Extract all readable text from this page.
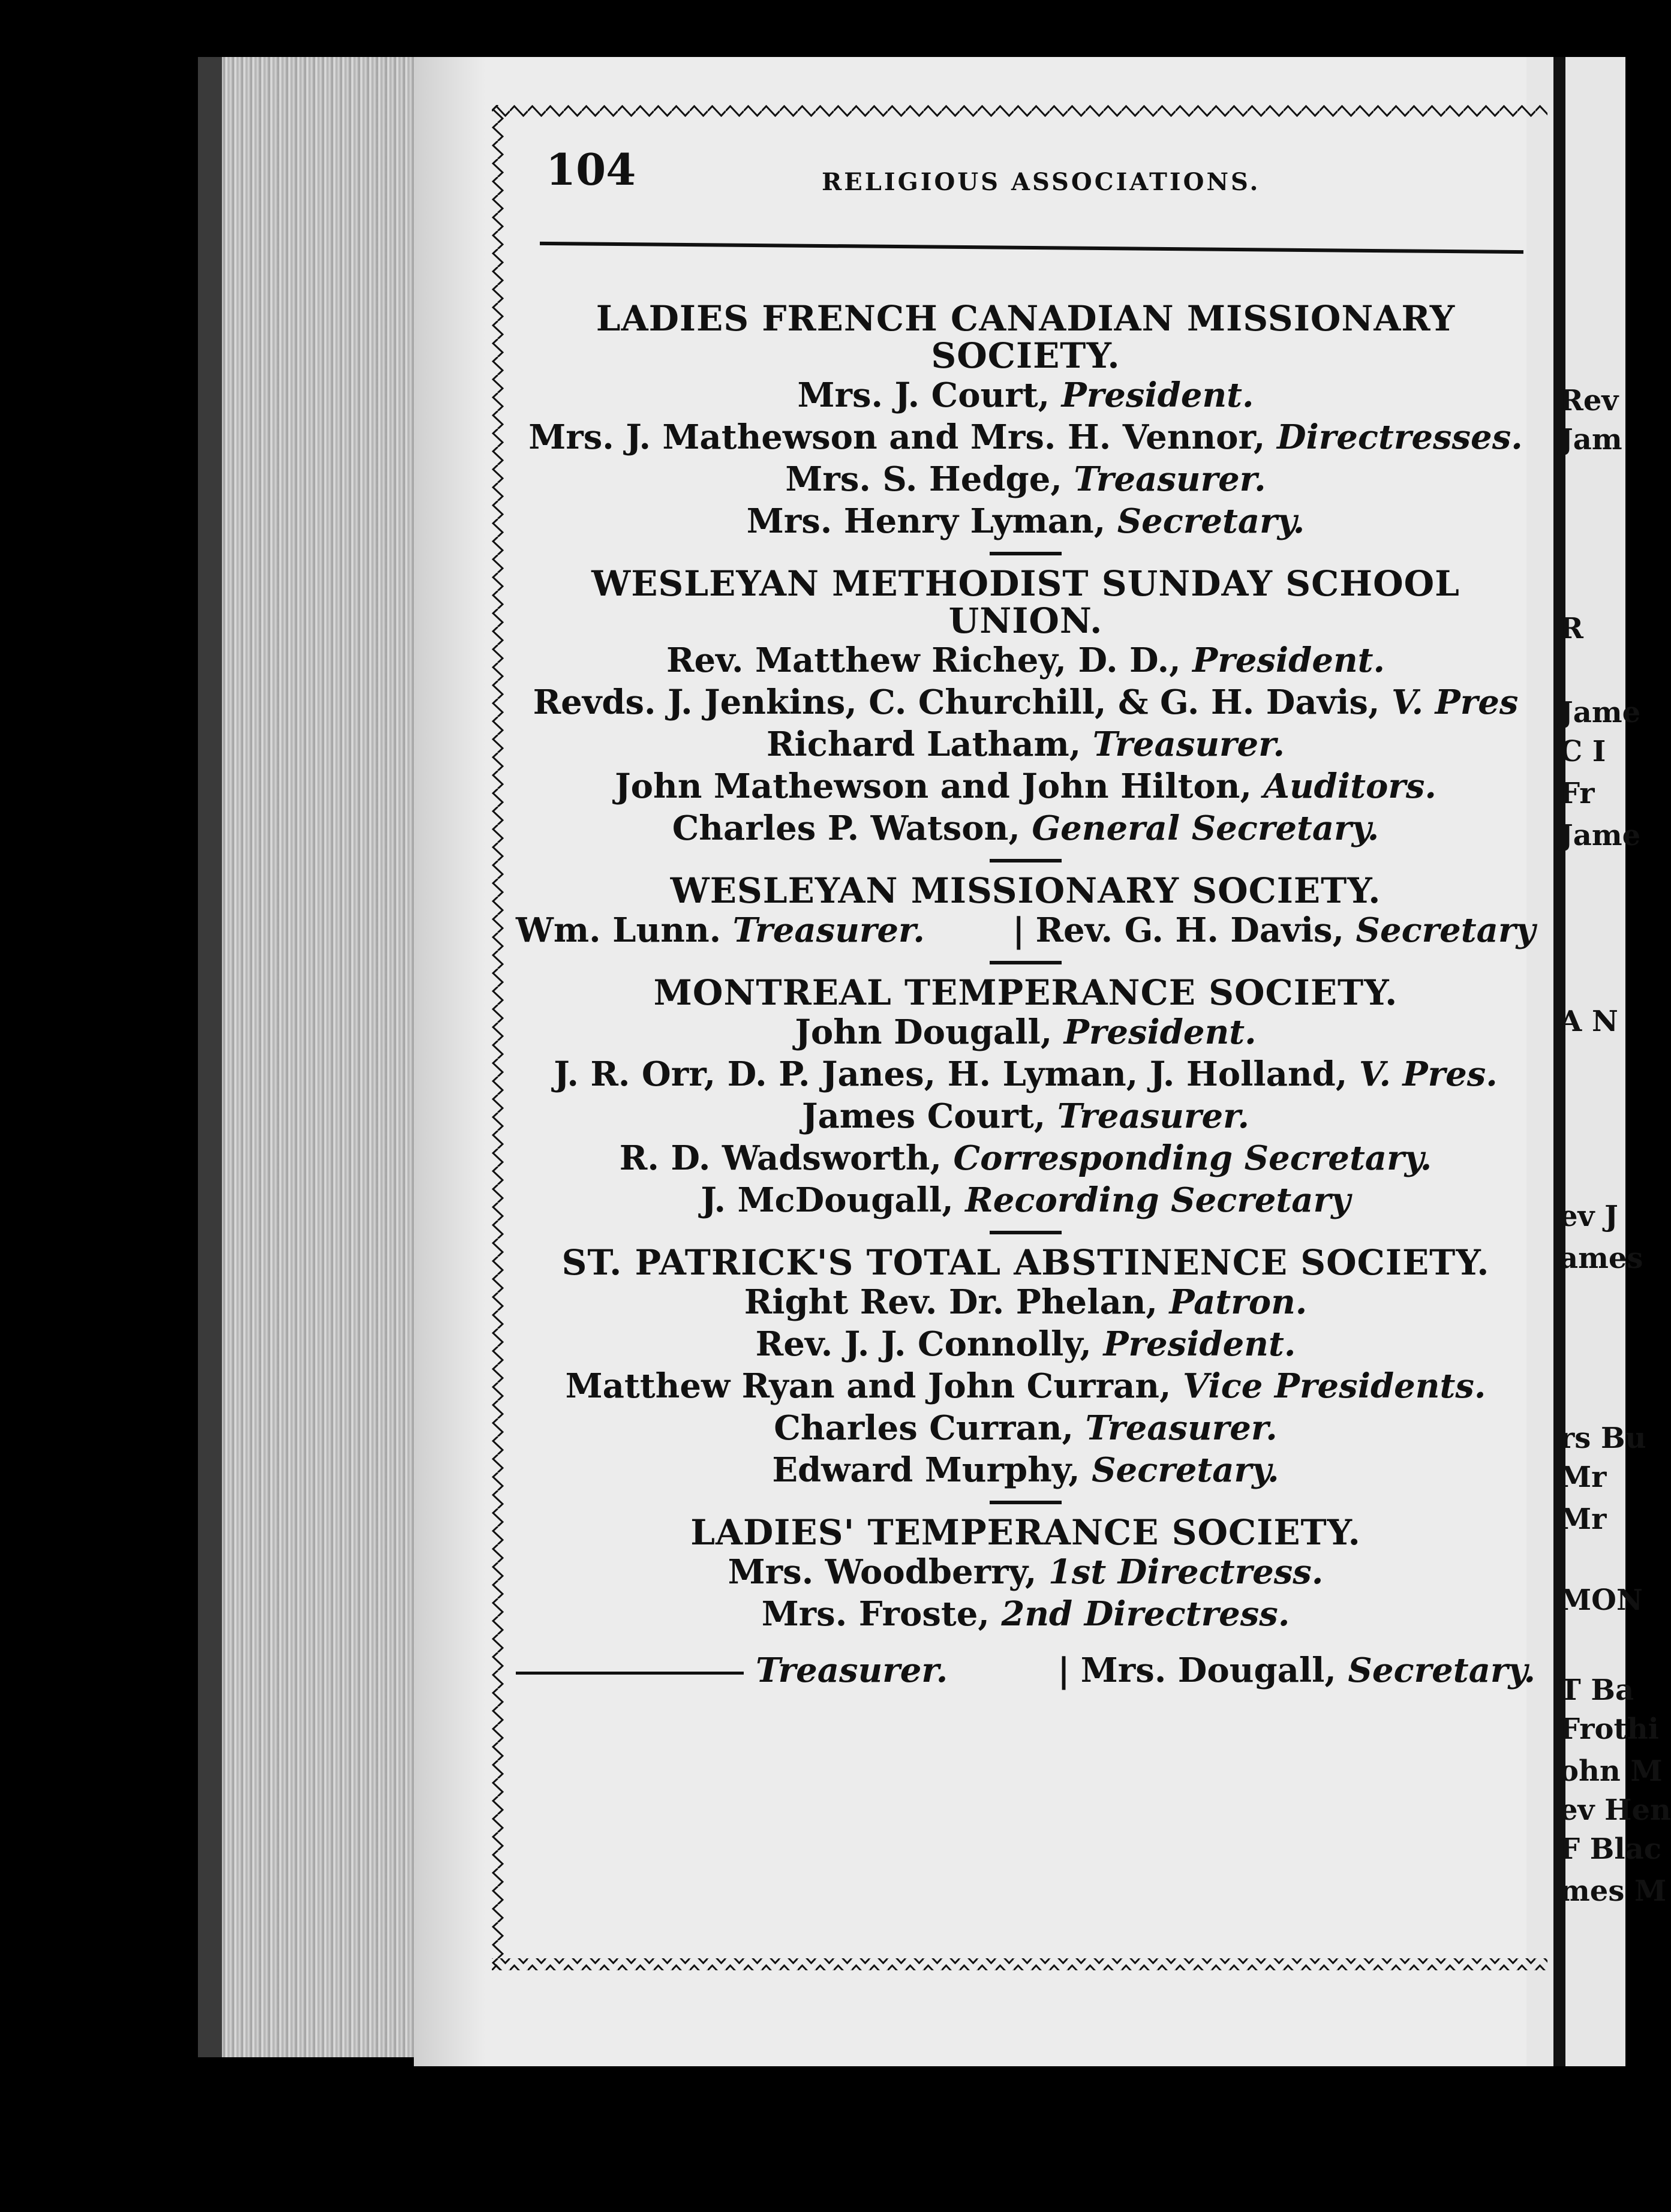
104	RELIGIOUS ASSOCIATIONS.
LADIES FRENCH CANADIAN MISSIONARY
SOCIETY.
Mrs. J. Court, President.
Mrs. J. Mathewson and Mrs. H. Vennor, Directresses.
Mrs. S. Hedge, Treasurer.
Mrs. Henry Lyman, Secretary.
WESLEYAN METHODIST SUNDAY SCHOOL
UNION.
Rev. Matthew Richey, D. D., President.
Revds. J. Jenkins, C. Churchill, & G. H. Davis, V. Pres
Richard Latham, Treasurer.
John Mathewson and John Hilton, Auditors.
Charles P. Watson, General Secretary.
WESLEYAN MISSIONARY SOCIETY.
Wm. Lunn. Treasurer.	| Rev. G. H. Davis, Secretary
MONTREAL TEMPERANCE SOCIETY.
John Dougall, President.
J. R. Orr, D. P. Janes, H. Lyman, J. Holland, V. Pres.
James Court, Treasurer.
R. D. Wadsworth, Corresponding Secretary.
J. McDougall, Recording Secretary
ST. PATRICK'S TOTAL ABSTINENCE SOCIETY.
Right Rev. Dr. Phelan, Patron.
Rev. J. J. Connolly, President.
Matthew Ryan and John Curran, Vice Presidents.
Charles Curran, Treasurer.
Edward Murphy, Secretary.
LADIES' TEMPERANCE SOCIETY.
Mrs. Woodberry, 1st Directress.
Mrs. Froste, 2nd Directress.
Treasurer.	| Mrs. Dougall, Secretary.
Rev
Jam
R
Jame
C I
Fr
Jame
A N
ev J
ames
rs Bu
Mr
Mr
MON
T Ba
Frothi
ohn M
ev Hen
F Blac
mes M
